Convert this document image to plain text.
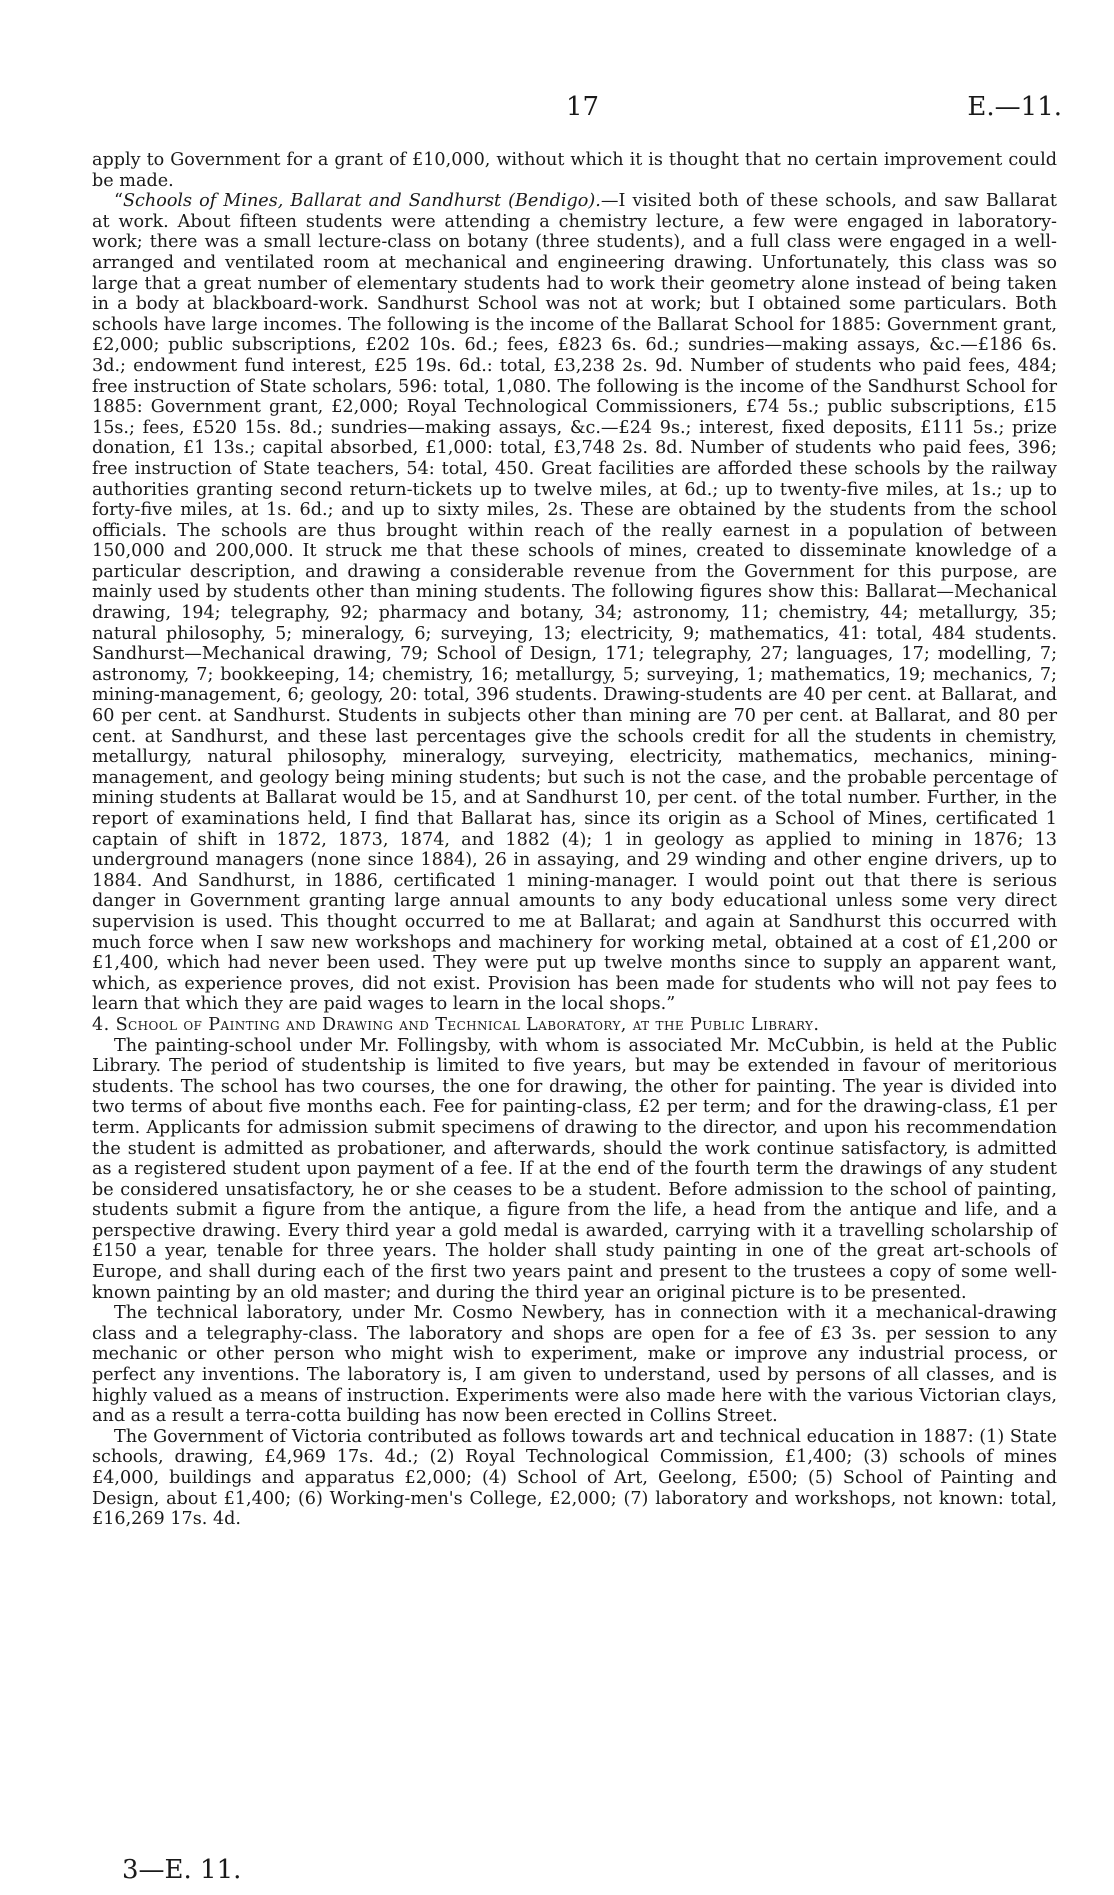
17	E.—11.

apply to Government for a grant of £10,000, without which it is thought that no certain improvement could be made.

“Schools of Mines, Ballarat and Sandhurst (Bendigo).—I visited both of these schools, and saw Ballarat at work. About fifteen students were attending a chemistry lecture, a few were engaged in laboratory-work; there was a small lecture-class on botany (three students), and a full class were engaged in a well-arranged and ventilated room at mechanical and engineering drawing. Unfortunately, this class was so large that a great number of elementary students had to work their geometry alone instead of being taken in a body at blackboard-work. Sandhurst School was not at work; but I obtained some particulars. Both schools have large incomes. The following is the income of the Ballarat School for 1885: Government grant, £2,000; public subscriptions, £202 10s. 6d.; fees, £823 6s. 6d.; sundries—making assays, &c.—£186 6s. 3d.; endowment fund interest, £25 19s. 6d.: total, £3,238 2s. 9d. Number of students who paid fees, 484; free instruction of State scholars, 596: total, 1,080. The following is the income of the Sandhurst School for 1885: Government grant, £2,000; Royal Technological Commissioners, £74 5s.; public subscriptions, £15 15s.; fees, £520 15s. 8d.; sundries—making assays, &c.—£24 9s.; interest, fixed deposits, £111 5s.; prize donation, £1 13s.; capital absorbed, £1,000: total, £3,748 2s. 8d. Number of students who paid fees, 396; free instruction of State teachers, 54: total, 450. Great facilities are afforded these schools by the railway authorities granting second return-tickets up to twelve miles, at 6d.; up to twenty-five miles, at 1s.; up to forty-five miles, at 1s. 6d.; and up to sixty miles, 2s. These are obtained by the students from the school officials. The schools are thus brought within reach of the really earnest in a population of between 150,000 and 200,000. It struck me that these schools of mines, created to disseminate knowledge of a particular description, and drawing a considerable revenue from the Government for this purpose, are mainly used by students other than mining students. The following figures show this: Ballarat—Mechanical drawing, 194; telegraphy, 92; pharmacy and botany, 34; astronomy, 11; chemistry, 44; metallurgy, 35; natural philosophy, 5; mineralogy, 6; surveying, 13; electricity, 9; mathematics, 41: total, 484 students. Sandhurst—Mechanical drawing, 79; School of Design, 171; telegraphy, 27; languages, 17; modelling, 7; astronomy, 7; bookkeeping, 14; chemistry, 16; metallurgy, 5; surveying, 1; mathematics, 19; mechanics, 7; mining-management, 6; geology, 20: total, 396 students. Drawing-students are 40 per cent. at Ballarat, and 60 per cent. at Sandhurst. Students in subjects other than mining are 70 per cent. at Ballarat, and 80 per cent. at Sandhurst, and these last percentages give the schools credit for all the students in chemistry, metallurgy, natural philosophy, mineralogy, surveying, electricity, mathematics, mechanics, mining-management, and geology being mining students; but such is not the case, and the probable percentage of mining students at Ballarat would be 15, and at Sandhurst 10, per cent. of the total number. Further, in the report of examinations held, I find that Ballarat has, since its origin as a School of Mines, certificated 1 captain of shift in 1872, 1873, 1874, and 1882 (4); 1 in geology as applied to mining in 1876; 13 underground managers (none since 1884), 26 in assaying, and 29 winding and other engine drivers, up to 1884. And Sandhurst, in 1886, certificated 1 mining-manager. I would point out that there is serious danger in Government granting large annual amounts to any body educational unless some very direct supervision is used. This thought occurred to me at Ballarat; and again at Sandhurst this occurred with much force when I saw new workshops and machinery for working metal, obtained at a cost of £1,200 or £1,400, which had never been used. They were put up twelve months since to supply an apparent want, which, as experience proves, did not exist. Provision has been made for students who will not pay fees to learn that which they are paid wages to learn in the local shops.”

4. School of Painting and Drawing and Technical Laboratory, at the Public Library.

The painting-school under Mr. Follingsby, with whom is associated Mr. McCubbin, is held at the Public Library. The period of studentship is limited to five years, but may be extended in favour of meritorious students. The school has two courses, the one for drawing, the other for painting. The year is divided into two terms of about five months each. Fee for painting-class, £2 per term; and for the drawing-class, £1 per term. Applicants for admission submit specimens of drawing to the director, and upon his recommendation the student is admitted as probationer, and afterwards, should the work continue satisfactory, is admitted as a registered student upon payment of a fee. If at the end of the fourth term the drawings of any student be considered unsatisfactory, he or she ceases to be a student. Before admission to the school of painting, students submit a figure from the antique, a figure from the life, a head from the antique and life, and a perspective drawing. Every third year a gold medal is awarded, carrying with it a travelling scholarship of £150 a year, tenable for three years. The holder shall study painting in one of the great art-schools of Europe, and shall during each of the first two years paint and present to the trustees a copy of some well-known painting by an old master; and during the third year an original picture is to be presented.

The technical laboratory, under Mr. Cosmo Newbery, has in connection with it a mechanical-drawing class and a telegraphy-class. The laboratory and shops are open for a fee of £3 3s. per session to any mechanic or other person who might wish to experiment, make or improve any industrial process, or perfect any inventions. The laboratory is, I am given to understand, used by persons of all classes, and is highly valued as a means of instruction. Experiments were also made here with the various Victorian clays, and as a result a terra-cotta building has now been erected in Collins Street.

The Government of Victoria contributed as follows towards art and technical education in 1887: (1) State schools, drawing, £4,969 17s. 4d.; (2) Royal Technological Commission, £1,400; (3) schools of mines £4,000, buildings and apparatus £2,000; (4) School of Art, Geelong, £500; (5) School of Painting and Design, about £1,400; (6) Working-men's College, £2,000; (7) laboratory and workshops, not known: total, £16,269 17s. 4d.

3—E. 11.
